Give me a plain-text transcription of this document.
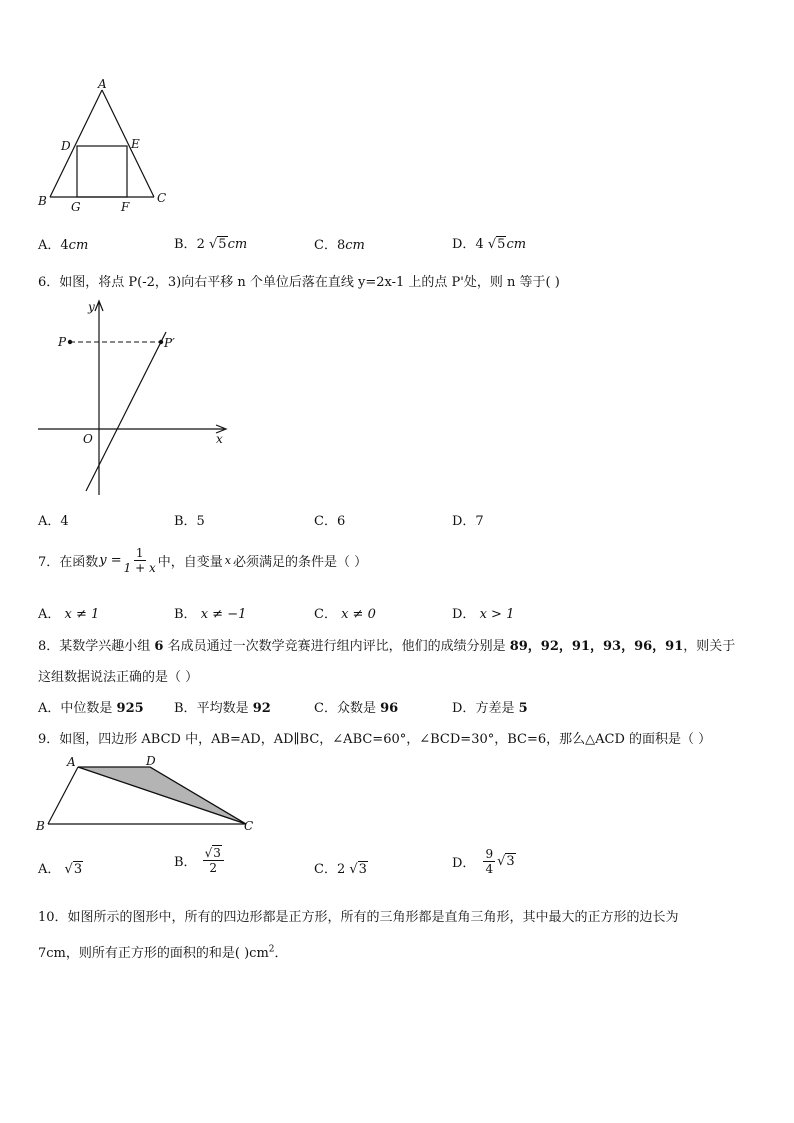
A
D	E
B G	F
C
A．4cm	B．2 √5cm	C．8cm	D．4 √5cm
6．如图，将点 P(-2，3)向右平移 n 个单位后落在直线 y=2x-1 上的点 P'处，则 n 等于( )
y
P	P′
O	x
A．4	B．5	C．6	D．7
7．在函数 $y = \frac{1}{1 + x}$ 中，自变量 x 必须满足的条件是（ ）
A． x ≠ 1	B． x ≠ −1	C． x ≠ 0	D． x > 1
8．某数学兴趣小组 6 名成员通过一次数学竞赛进行组内评比，他们的成绩分别是 89，92，91，93，96，91，则关于
这组数据说法正确的是（ ）
A．中位数是 925 B．平均数是 92	C．众数是 96	D．方差是 5
9．如图，四边形 ABCD 中，AB=AD，AD∥BC，∠ABC=60°，∠BCD=30°，BC=6，那么△ACD 的面积是（ ）
A	D
B	C
A． √3	B． $\frac{√3}{2}$	C．2 √3	D． $\frac{9}{4} √3$
10．如图所示的图形中，所有的四边形都是正方形，所有的三角形都是直角三角形，其中最大的正方形的边长为
7cm，则所有正方形的面积的和是( )$cm^2$．
